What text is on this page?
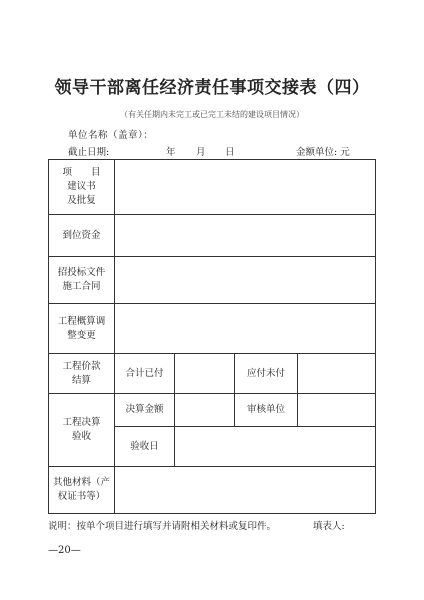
领导干部离任经济责任事项交接表（四）
（有关任期内未完工或已完工未结的建设项目情况）
单位名称（盖章）：
截止日期:	年 月 日	金额单位: 元
项　　目
建议书
及批复				
到位资金				
招投标文件
施工合同				
工程概算调
整变更				
工程价款
结算	合计已付		应付未付	
工程决算
验收	决算金额		审核单位	
	验收日			
其他材料（产
权证书等）				
说明：按单个项目进行填写并请附相关材料或复印件。	填表人:
—20—
